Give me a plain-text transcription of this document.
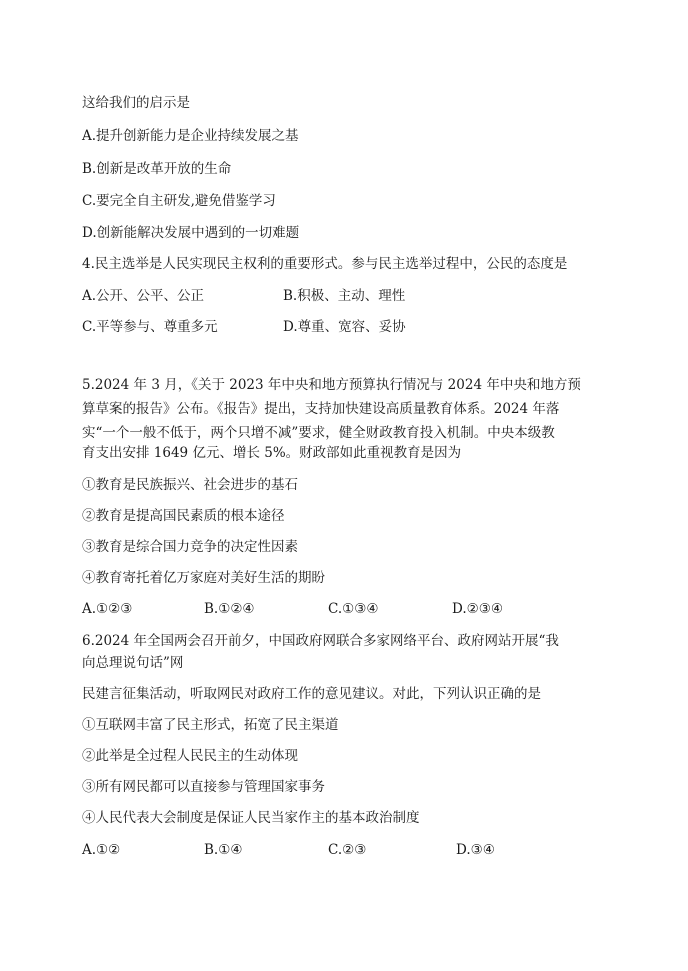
这给我们的启示是
A.提升创新能力是企业持续发展之基
B.创新是改革开放的生命
C.要完全自主研发,避免借鉴学习
D.创新能解决发展中遇到的一切难题
4.民主选举是人民实现民主权利的重要形式。参与民主选举过程中，公民的态度是
A.公开、公平、公正	B.积极、主动、理性
C.平等参与、尊重多元	D.尊重、宽容、妥协
5.2024 年 3 月，《关于 2023 年中央和地方预算执行情况与 2024 年中央和地方预
算草案的报告》公布。《报告》提出，支持加快建设高质量教育体系。2024 年落
实“一个一般不低于，两个只增不减”要求，健全财政教育投入机制。中央本级教
育支出安排 1649 亿元、增长 5%。财政部如此重视教育是因为
①教育是民族振兴、社会进步的基石
②教育是提高国民素质的根本途径
③教育是综合国力竞争的决定性因素
④教育寄托着亿万家庭对美好生活的期盼
A.①②③	B.①②④	C.①③④	D.②③④
6.2024 年全国两会召开前夕，中国政府网联合多家网络平台、政府网站开展“我
向总理说句话”网
民建言征集活动，听取网民对政府工作的意见建议。对此，下列认识正确的是
①互联网丰富了民主形式，拓宽了民主渠道
②此举是全过程人民民主的生动体现
③所有网民都可以直接参与管理国家事务
④人民代表大会制度是保证人民当家作主的基本政治制度
A.①②	B.①④	C.②③	D.③④
